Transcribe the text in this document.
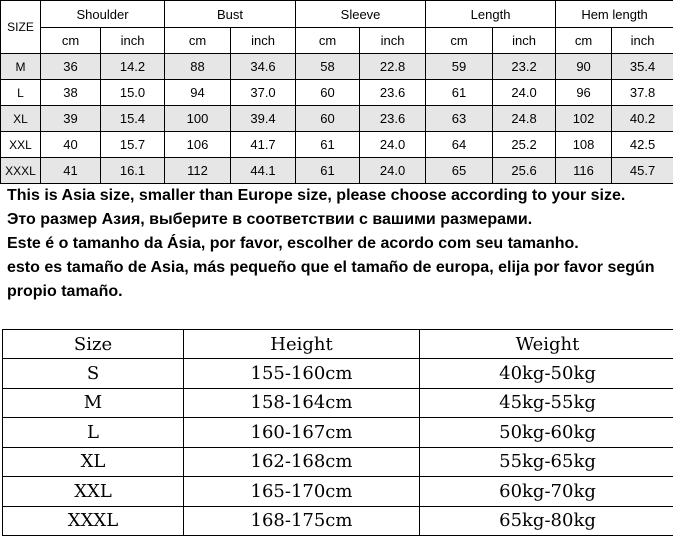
SIZE	Shoulder		Bust		Sleeve		Length		Hem length	
	cm	inch	cm	inch	cm	inch	cm	inch	cm	inch
M	36	14.2	88	34.6	58	22.8	59	23.2	90	35.4
L	38	15.0	94	37.0	60	23.6	61	24.0	96	37.8
XL	39	15.4	100	39.4	60	23.6	63	24.8	102	40.2
XXL	40	15.7	106	41.7	61	24.0	64	25.2	108	42.5
XXXL	41	16.1	112	44.1	61	24.0	65	25.6	116	45.7
This is Asia size, smaller than Europe size, please choose according to your size.
Это размер Азия, выберите в соответствии с вашими размерами.
Este é o tamanho da Ásia, por favor, escolher de acordo com seu tamanho.
esto es tamaño de Asia, más pequeño que el tamaño de europa, elija por favor según propio tamaño.
Size	Height	Weight
S	155-160cm	40kg-50kg
M	158-164cm	45kg-55kg
L	160-167cm	50kg-60kg
XL	162-168cm	55kg-65kg
XXL	165-170cm	60kg-70kg
XXXL	168-175cm	65kg-80kg
